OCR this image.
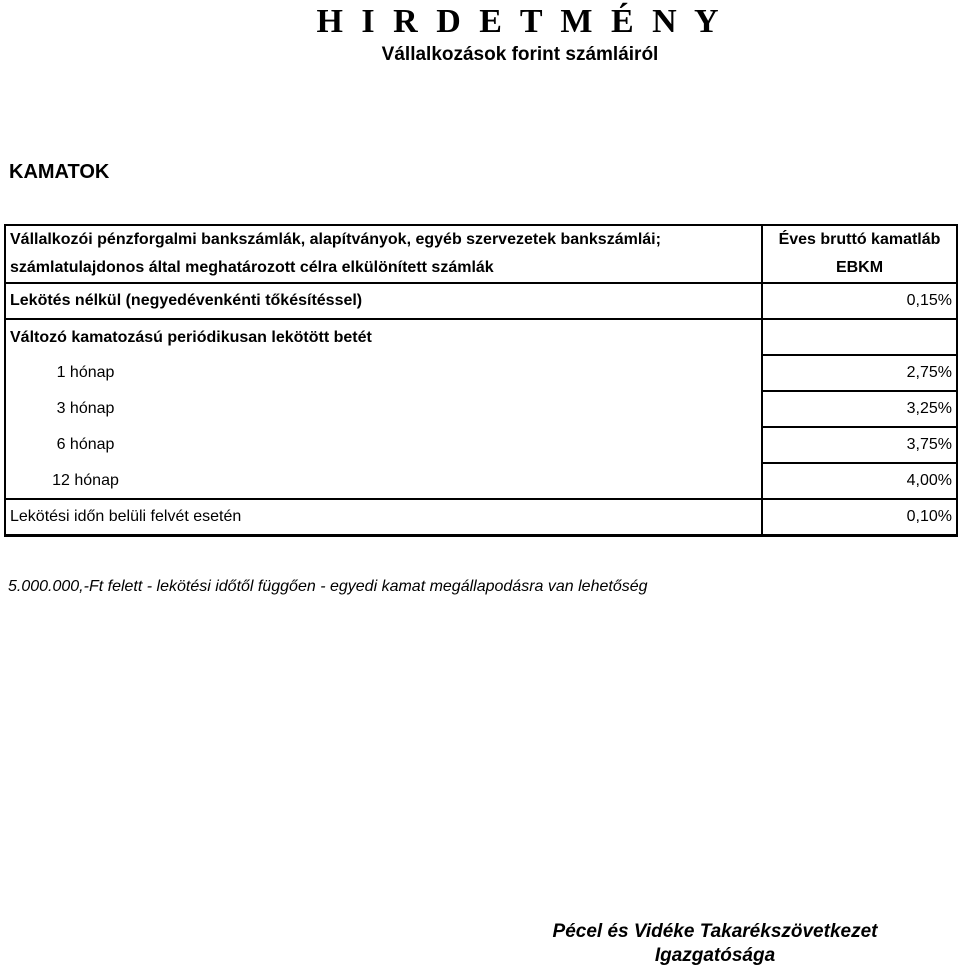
H I R D E T M É N Y
Vállalkozások forint számláiról
KAMATOK
Vállalkozói pénzforgalmi bankszámlák, alapítványok, egyéb szervezetek bankszámlái;	Éves bruttó kamatláb
számlatulajdonos által meghatározott célra elkülönített számlák	EBKM
Lekötés nélkül (negyedévenkénti tőkésítéssel)	0,15%
Változó kamatozású periódikusan lekötött betét	
1 hónap	2,75%
3 hónap	3,25%
6 hónap	3,75%
12 hónap	4,00%
Lekötési időn belüli felvét esetén	0,10%

5.000.000,-Ft felett - lekötési időtől függően - egyedi kamat megállapodásra van lehetőség

Pécel és Vidéke Takarékszövetkezet
Igazgatósága
